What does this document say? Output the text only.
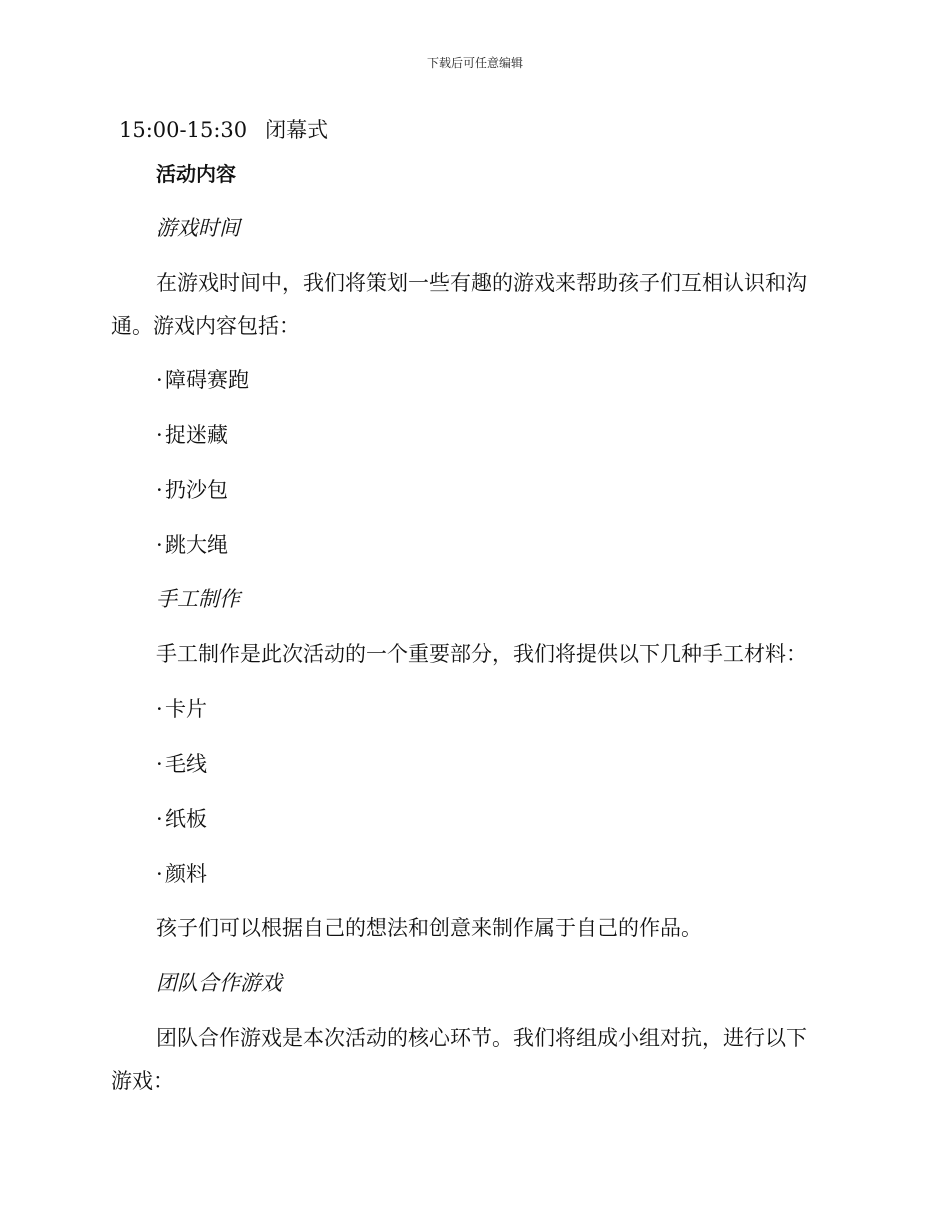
下载后可任意编辑
15:00-15:30 闭幕式
活动内容
游戏时间
在游戏时间中，我们将策划一些有趣的游戏来帮助孩子们互相认识和沟
通。游戏内容包括：
· 障碍赛跑
· 捉迷藏
· 扔沙包
· 跳大绳
手工制作
手工制作是此次活动的一个重要部分，我们将提供以下几种手工材料：
· 卡片
· 毛线
· 纸板
· 颜料
孩子们可以根据自己的想法和创意来制作属于自己的作品。
团队合作游戏
团队合作游戏是本次活动的核心环节。我们将组成小组对抗，进行以下
游戏：
